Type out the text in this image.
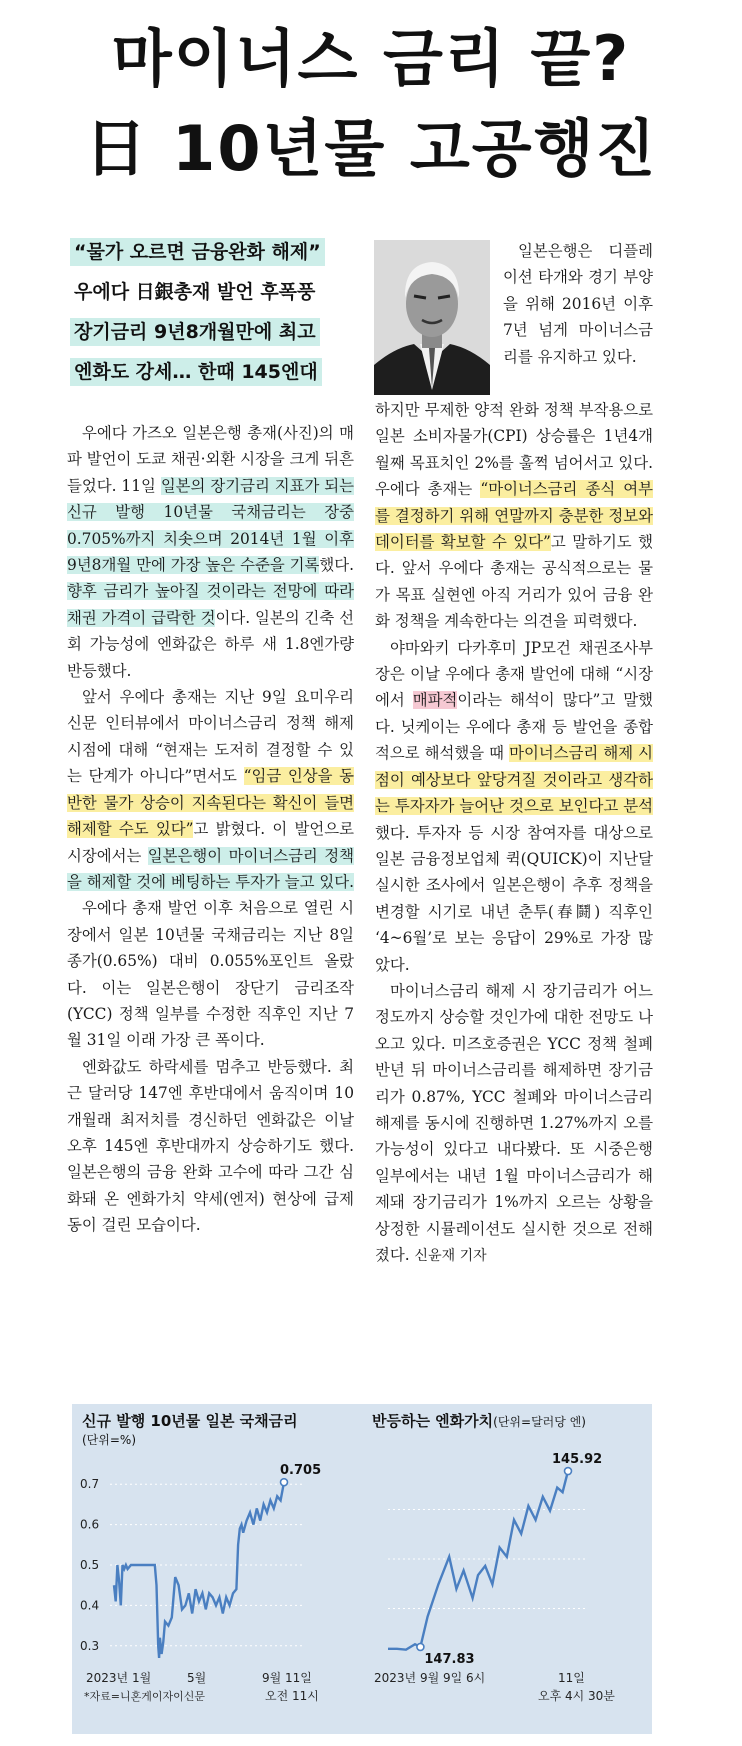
마이너스 금리 끝?
日 10년물 고공행진
“물가 오르면 금융완화 해제”
우에다 日銀총재 발언 후폭풍
장기금리 9년8개월만에 최고
엔화도 강세… 한때 145엔대

일본은행은 디플레이션 타개와 경기 부양을 위해 2016년 이후 7년 넘게 마이너스금리를 유지하고 있다.

우에다 가즈오 일본은행 총재(사진)의 매파 발언이 도쿄 채권·외환 시장을 크게 뒤흔들었다. 11일 일본의 장기금리 지표가 되는 신규 발행 10년물 국채금리는 장중 0.705%까지 치솟으며 2014년 1월 이후 9년8개월 만에 가장 높은 수준을 기록했다. 향후 금리가 높아질 것이라는 전망에 따라 채권 가격이 급락한 것이다. 일본의 긴축 선회 가능성에 엔화값은 하루 새 1.8엔가량 반등했다.

앞서 우에다 총재는 지난 9일 요미우리신문 인터뷰에서 마이너스금리 정책 해제 시점에 대해 “현재는 도저히 결정할 수 있는 단계가 아니다”면서도 “임금 인상을 동반한 물가 상승이 지속된다는 확신이 들면 해제할 수도 있다”고 밝혔다. 이 발언으로 시장에서는 일본은행이 마이너스금리 정책을 해제할 것에 베팅하는 투자가 늘고 있다.

우에다 총재 발언 이후 처음으로 열린 시장에서 일본 10년물 국채금리는 지난 8일 종가(0.65%) 대비 0.055%포인트 올랐다. 이는 일본은행이 장단기 금리조작(YCC) 정책 일부를 수정한 직후인 지난 7월 31일 이래 가장 큰 폭이다.

엔화값도 하락세를 멈추고 반등했다. 최근 달러당 147엔 후반대에서 움직이며 10개월래 최저치를 경신하던 엔화값은 이날 오후 145엔 후반대까지 상승하기도 했다. 일본은행의 금융 완화 고수에 따라 그간 심화돼 온 엔화가치 약세(엔저) 현상에 급제동이 걸린 모습이다.

하지만 무제한 양적 완화 정책 부작용으로 일본 소비자물가(CPI) 상승률은 1년4개월째 목표치인 2%를 훌쩍 넘어서고 있다. 우에다 총재는 “마이너스금리 종식 여부를 결정하기 위해 연말까지 충분한 정보와 데이터를 확보할 수 있다”고 말하기도 했다. 앞서 우에다 총재는 공식적으로는 물가 목표 실현엔 아직 거리가 있어 금융 완화 정책을 계속한다는 의견을 피력했다.

야마와키 다카후미 JP모건 채권조사부장은 이날 우에다 총재 발언에 대해 “시장에서 매파적이라는 해석이 많다”고 말했다. 닛케이는 우에다 총재 등 발언을 종합적으로 해석했을 때 마이너스금리 해제 시점이 예상보다 앞당겨질 것이라고 생각하는 투자자가 늘어난 것으로 보인다고 분석했다. 투자자 등 시장 참여자를 대상으로 일본 금융정보업체 퀵(QUICK)이 지난달 실시한 조사에서 일본은행이 추후 정책을 변경할 시기로 내년 춘투(春鬪) 직후인 ‘4~6월’로 보는 응답이 29%로 가장 많았다.

마이너스금리 해제 시 장기금리가 어느 정도까지 상승할 것인가에 대한 전망도 나오고 있다. 미즈호증권은 YCC 정책 철폐 반년 뒤 마이너스금리를 해제하면 장기금리가 0.87%, YCC 철폐와 마이너스금리 해제를 동시에 진행하면 1.27%까지 오를 가능성이 있다고 내다봤다. 또 시중은행 일부에서는 내년 1월 마이너스금리가 해제돼 장기금리가 1%까지 오르는 상황을 상정한 시뮬레이션도 실시한 것으로 전해졌다. 신윤재 기자

신규 발행 10년물 일본 국채금리
(단위=%)
0.3
0.4
0.5
0.6
0.7
0.705
2023년 1월	5월	9월 11일
오전 11시
*자료=니혼게이자이신문
반등하는 엔화가치(단위=달러당 엔)
147.83
145.92
2023년 9월 9일 6시	11일
오후 4시 30분
